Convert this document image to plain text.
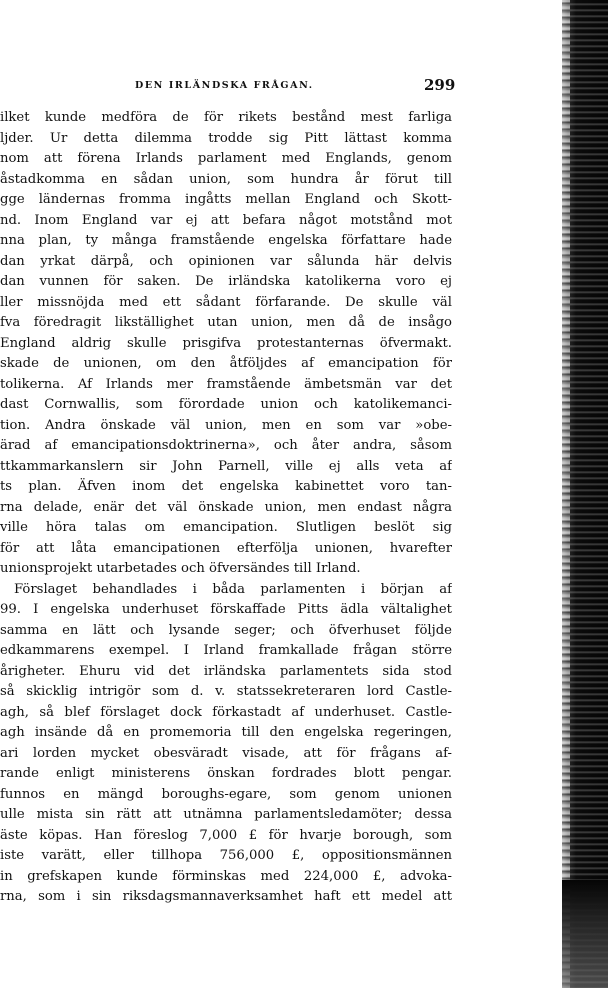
DEN IRLÄNDSKA FRÅGAN.	299
ilket kunde medföra de för rikets bestånd mest farliga
ljder. Ur detta dilemma trodde sig Pitt lättast komma
nom att förena Irlands parlament med Englands, genom
åstadkomma en sådan union, som hundra år förut till
gge ländernas fromma ingåtts mellan England och Skott-
nd. Inom England var ej att befara något motstånd mot
nna plan, ty många framstående engelska författare hade
dan yrkat därpå, och opinionen var sålunda här delvis
dan vunnen för saken. De irländska katolikerna voro ej
ller missnöjda med ett sådant förfarande. De skulle väl
fva föredragit likställighet utan union, men då de insågo
England aldrig skulle prisgifva protestanternas öfvermakt.
skade de unionen, om den åtföljdes af emancipation för
tolikerna. Af Irlands mer framstående ämbetsmän var det
dast Cornwallis, som förordade union och katolikemanci-
tion. Andra önskade väl union, men en som var »obe-
ärad af emancipationsdoktrinerna», och åter andra, såsom
ttkammarkanslern sir John Parnell, ville ej alls veta af
ts plan. Äfven inom det engelska kabinettet voro tan-
rna delade, enär det väl önskade union, men endast några
ville höra talas om emancipation. Slutligen beslöt sig
för att låta emancipationen efterfölja unionen, hvarefter
unionsprojekt utarbetades och öfversändes till Irland.
Förslaget behandlades i båda parlamenten i början af
99. I engelska underhuset förskaffade Pitts ädla vältalighet
samma en lätt och lysande seger; och öfverhuset följde
edkammarens exempel. I Irland framkallade frågan större
årigheter. Ehuru vid det irländska parlamentets sida stod
så skicklig intrigör som d. v. statssekreteraren lord Castle-
agh, så blef förslaget dock förkastadt af underhuset. Castle-
agh insände då en promemoria till den engelska regeringen,
ari lorden mycket obesväradt visade, att för frågans af-
rande enligt ministerens önskan fordrades blott pengar.
funnos en mängd boroughs-egare, som genom unionen
ulle mista sin rätt att utnämna parlamentsledamöter; dessa
äste köpas. Han föreslog 7,000 £ för hvarje borough, som
iste varätt, eller tillhopa 756,000 £, oppositionsmännen
in grefskapen kunde förminskas med 224,000 £, advoka-
rna, som i sin riksdagsmannaverksamhet haft ett medel att
